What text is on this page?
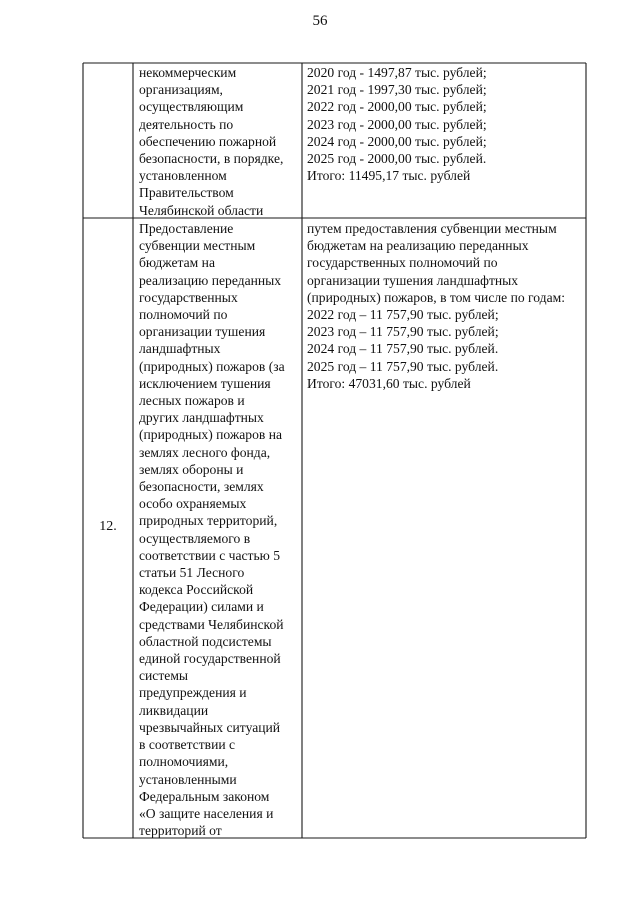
56
некоммерческим
организациям,
осуществляющим
деятельность по
обеспечению пожарной
безопасности, в порядке,
установленном
Правительством
Челябинской области
2020 год - 1497,87 тыс. рублей;
2021 год - 1997,30 тыс. рублей;
2022 год - 2000,00 тыс. рублей;
2023 год - 2000,00 тыс. рублей;
2024 год - 2000,00 тыс. рублей;
2025 год - 2000,00 тыс. рублей.
Итого: 11495,17 тыс. рублей
12.
Предоставление
субвенции местным
бюджетам на
реализацию переданных
государственных
полномочий по
организации тушения
ландшафтных
(природных) пожаров (за
исключением тушения
лесных пожаров и
других ландшафтных
(природных) пожаров на
землях лесного фонда,
землях обороны и
безопасности, землях
особо охраняемых
природных территорий,
осуществляемого в
соответствии с частью 5
статьи 51 Лесного
кодекса Российской
Федерации) силами и
средствами Челябинской
областной подсистемы
единой государственной
системы
предупреждения и
ликвидации
чрезвычайных ситуаций
в соответствии с
полномочиями,
установленными
Федеральным законом
«О защите населения и
территорий от
путем предоставления субвенции местным
бюджетам на реализацию переданных
государственных полномочий по
организации тушения ландшафтных
(природных) пожаров, в том числе по годам:
2022 год – 11 757,90 тыс. рублей;
2023 год – 11 757,90 тыс. рублей;
2024 год – 11 757,90 тыс. рублей.
2025 год – 11 757,90 тыс. рублей.
Итого: 47031,60 тыс. рублей
